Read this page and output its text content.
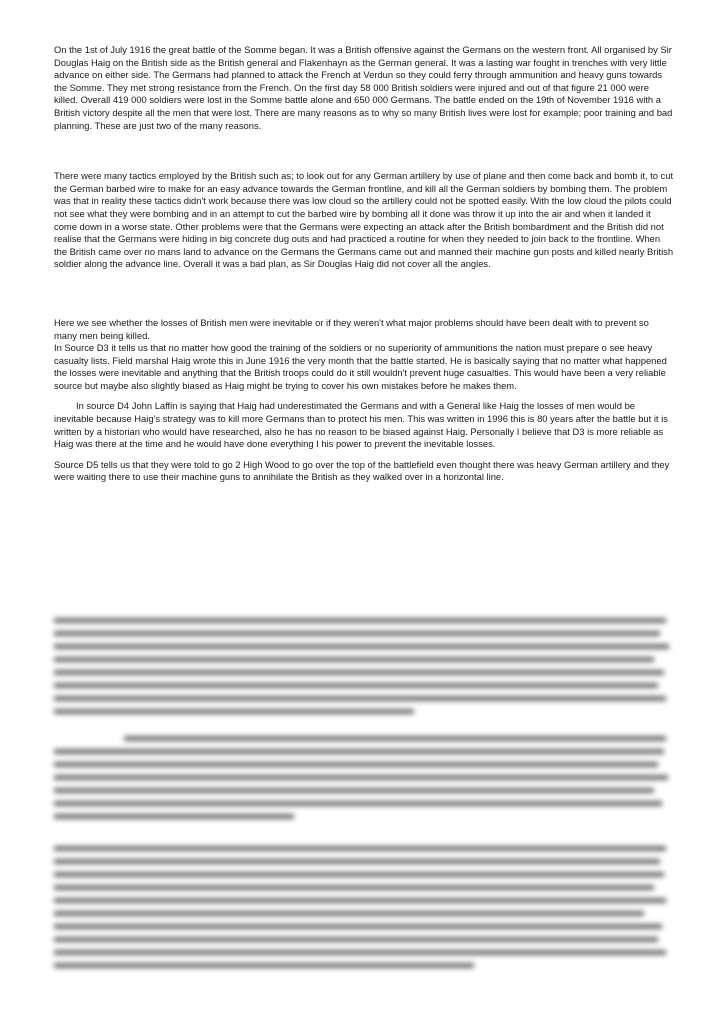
On the 1st of July 1916 the great battle of the Somme began. It was a British offensive against the Germans on the western front. All organised by Sir Douglas Haig on the British side as the British general and Flakenhayn as the German general. It was a lasting war fought in trenches with very little advance on either side. The Germans had planned to attack the French at Verdun so they could ferry through ammunition and heavy guns towards the Somme. They met strong resistance from the French. On the first day 58 000 British soldiers were injured and out of that figure 21 000 were killed. Overall 419 000 soldiers were lost in the Somme battle alone and 650 000 Germans. The battle ended on the 19th of November 1916 with a British victory despite all the men that were lost. There are many reasons as to why so many British lives were lost for example; poor training and bad planning. These are just two of the many reasons.

There were many tactics employed by the British such as; to look out for any German artillery by use of plane and then come back and bomb it, to cut the German barbed wire to make for an easy advance towards the German frontline, and kill all the German soldiers by bombing them. The problem was that in reality these tactics didn't work because there was low cloud so the artillery could not be spotted easily. With the low cloud the pilots could not see what they were bombing and in an attempt to cut the barbed wire by bombing all it done was throw it up into the air and when it landed it come down in a worse state. Other problems were that the Germans were expecting an attack after the British bombardment and the British did not realise that the Germans were hiding in big concrete dug outs and had practiced a routine for when they needed to join back to the frontline. When the British came over no mans land to advance on the Germans the Germans came out and manned their machine gun posts and killed nearly British soldier along the advance line. Overall it was a bad plan, as Sir Douglas Haig did not cover all the angles.

Here we see whether the losses of British men were inevitable or if they weren't what major problems should have been dealt with to prevent so many men being killed.

In Source D3 it tells us that no matter how good the training of the soldiers or no superiority of ammunitions the nation must prepare o see heavy casualty lists. Field marshal Haig wrote this in June 1916 the very month that the battle started. He is basically saying that no matter what happened the losses were inevitable and anything that the British troops could do it still wouldn't prevent huge casualties. This would have been a very reliable source but maybe also slightly biased as Haig might be trying to cover his own mistakes before he makes them.

In source D4 John Laffin is saying that Haig had underestimated the Germans and with a General like Haig the losses of men would be inevitable because Haig's strategy was to kill more Germans than to protect his men. This was written in 1996 this is 80 years after the battle but it is written by a historian who would have researched, also he has no reason to be biased against Haig. Personally I believe that D3 is more reliable as Haig was there at the time and he would have done everything I his power to prevent the inevitable losses.

Source D5 tells us that they were told to go 2 High Wood to go over the top of the battlefield even thought there was heavy German artillery and they were waiting there to use their machine guns to annihilate the British as they walked over in a horizontal line.
